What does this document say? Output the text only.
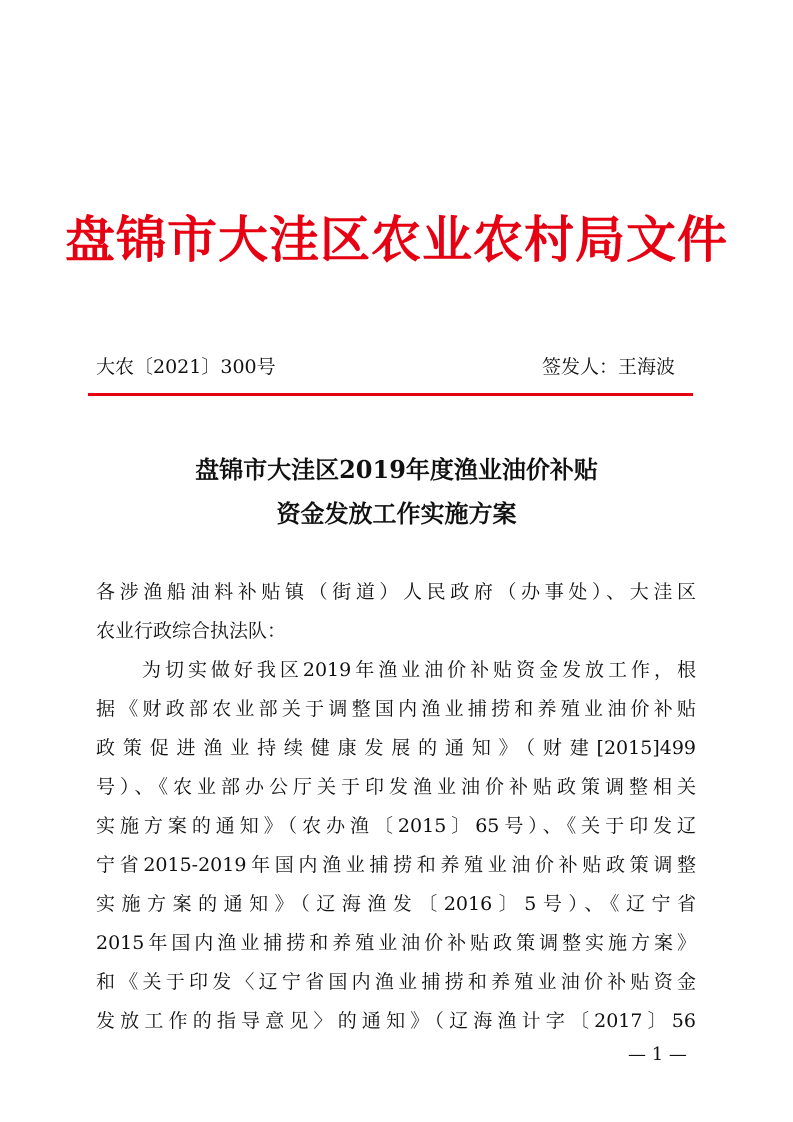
盘锦市大洼区农业农村局文件
大农〔2021〕300号	签发人：王海波
盘锦市大洼区2019年度渔业油价补贴
资金发放工作实施方案
各涉渔船油料补贴镇（街道）人民政府（办事处）、大洼区
农业行政综合执法队：
　　为切实做好我区2019年渔业油价补贴资金发放工作，根
据《财政部农业部关于调整国内渔业捕捞和养殖业油价补贴
政策促进渔业持续健康发展的通知》（财建[2015]499
号）、《农业部办公厅关于印发渔业油价补贴政策调整相关
实施方案的通知》（农办渔〔2015〕65号）、《关于印发辽
宁省2015-2019年国内渔业捕捞和养殖业油价补贴政策调整
实施方案的通知》（辽海渔发〔2016〕5号）、《辽宁省
2015年国内渔业捕捞和养殖业油价补贴政策调整实施方案》
和《关于印发〈辽宁省国内渔业捕捞和养殖业油价补贴资金
发放工作的指导意见〉的通知》（辽海渔计字〔2017〕56
— 1 —
